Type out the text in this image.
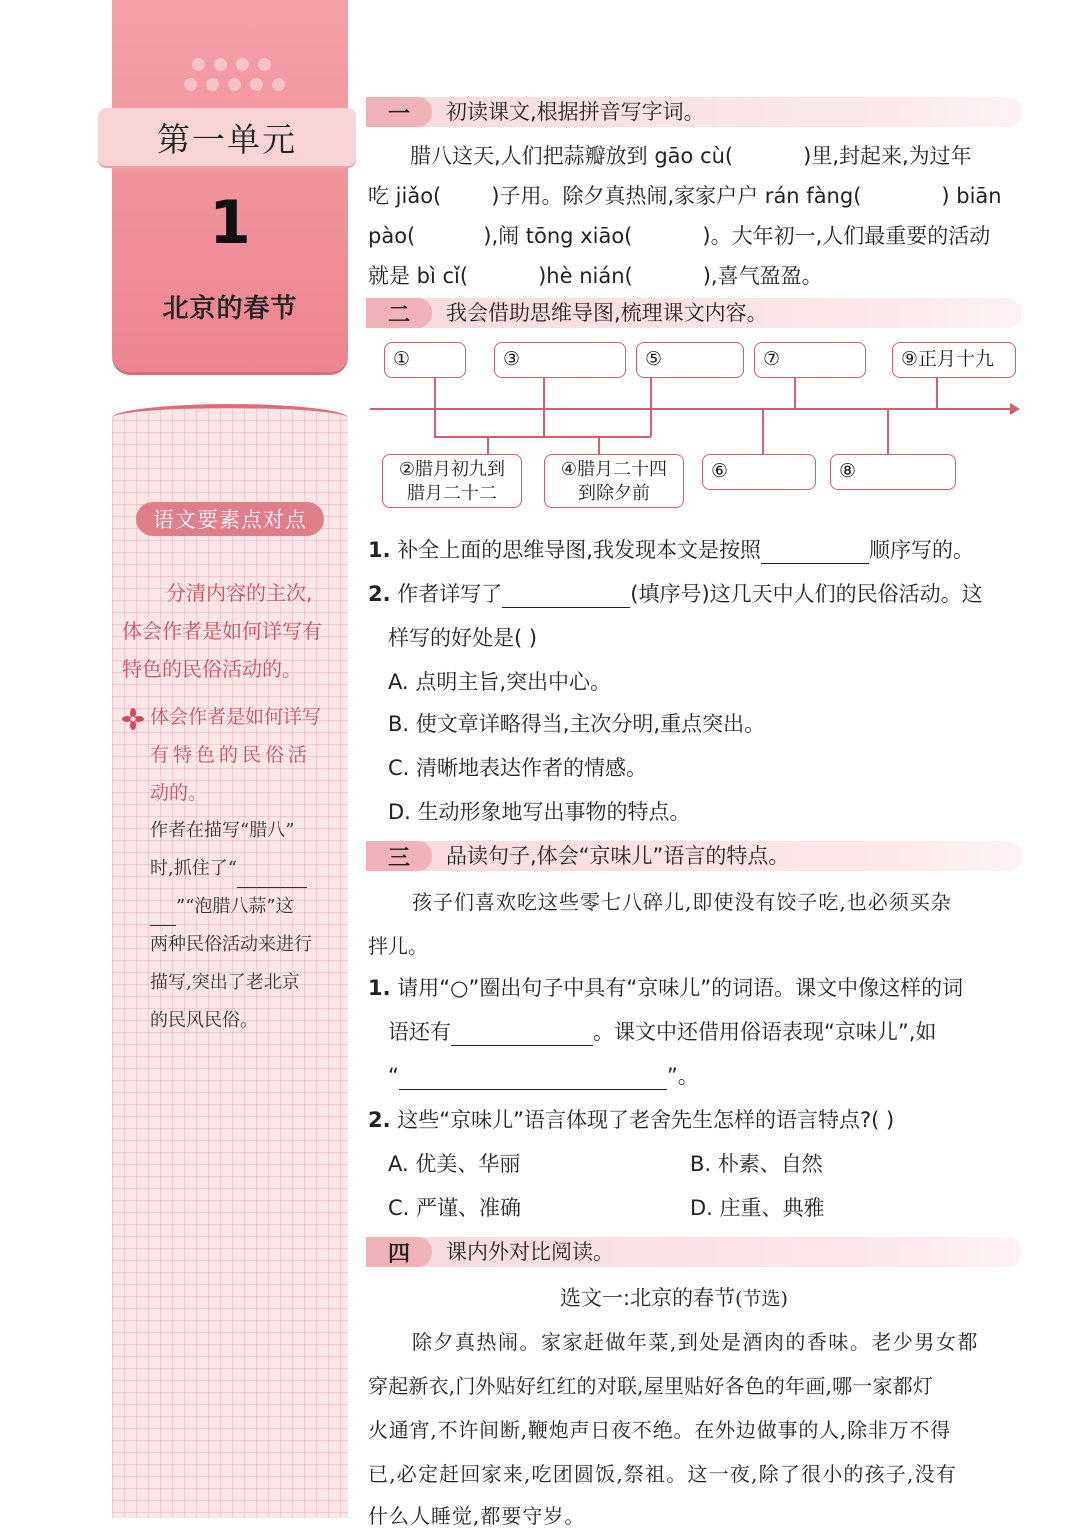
第一单元
1
北京的春节
语文要素点对点
分清内容的主次,
体会作者是如何详写有
特色的民俗活动的。
体会作者是如何详写
有特色的民俗活
动的。
作者在描写“腊八”
时,抓住了“
”“泡腊八蒜”这
两种民俗活动来进行
描写,突出了老北京
的民风民俗。
一	初读课文,根据拼音写字词。
腊八这天,人们把蒜瓣放到 gāo cù(	)里,封起来,为过年
吃 jiǎo( )子用。除夕真热闹,家家户户 rán fàng(	) biān
pào(	),闹 tōng xiāo(	)。大年初一,人们最重要的活动
就是 bì cǐ(	)hè nián(	),喜气盈盈。
二	我会借助思维导图,梳理课文内容。
①	③	⑤	⑦	⑨正月十九
②腊月初九到
腊月二十二
④腊月二十四
到除夕前
⑥	⑧
1. 补全上面的思维导图,我发现本文是按照	顺序写的。
2. 作者详写了	(填序号)这几天中人们的民俗活动。这
样写的好处是( )
A. 点明主旨,突出中心。
B. 使文章详略得当,主次分明,重点突出。
C. 清晰地表达作者的情感。
D. 生动形象地写出事物的特点。
三	品读句子,体会“京味儿”语言的特点。
孩子们喜欢吃这些零七八碎儿,即使没有饺子吃,也必须买杂
拌儿。
1. 请用“○”圈出句子中具有“京味儿”的词语。课文中像这样的词
语还有	。课文中还借用俗语表现“京味儿”,如
“	”。
2. 这些“京味儿”语言体现了老舍先生怎样的语言特点?( )
A. 优美、华丽	B. 朴素、自然
C. 严谨、准确	D. 庄重、典雅
四	课内外对比阅读。
选文一:北京的春节(节选)
除夕真热闹。家家赶做年菜,到处是酒肉的香味。老少男女都
穿起新衣,门外贴好红红的对联,屋里贴好各色的年画,哪一家都灯
火通宵,不许间断,鞭炮声日夜不绝。在外边做事的人,除非万不得
已,必定赶回家来,吃团圆饭,祭祖。这一夜,除了很小的孩子,没有
什么人睡觉,都要守岁。
